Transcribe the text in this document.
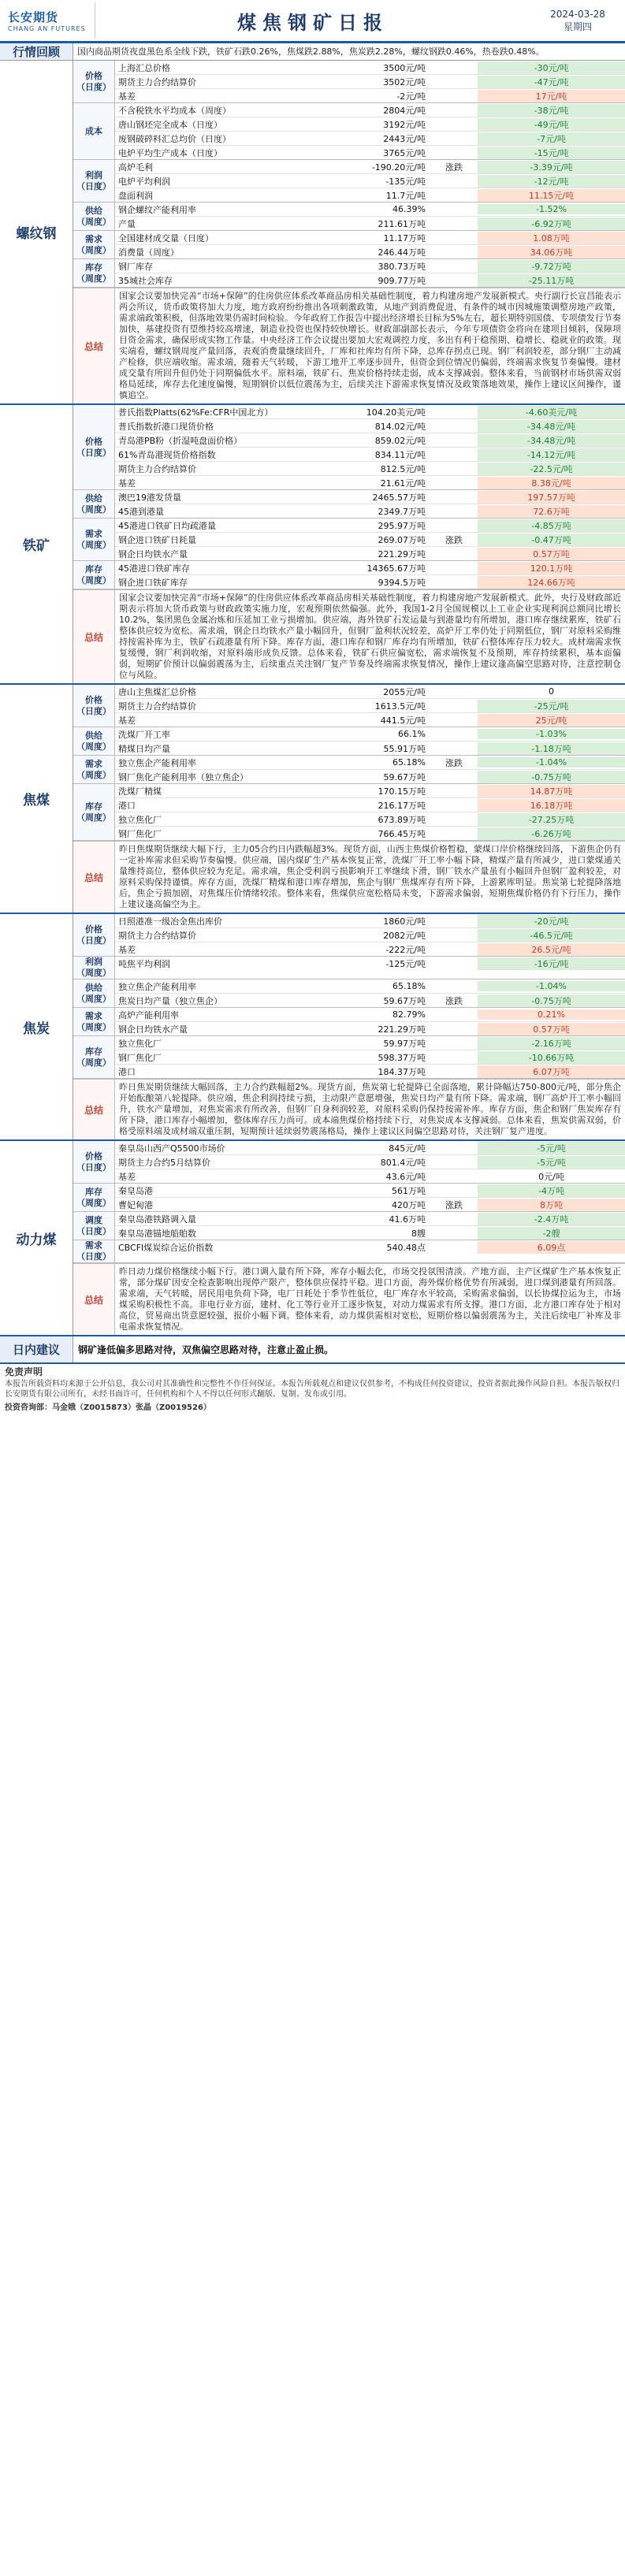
长安期货
CHANG AN FUTURES	煤焦钢矿日报	2024-03-28
星期四
行情回顾	国内商品期货夜盘黑色系全线下跌，铁矿石跌0.26%，焦煤跌2.88%，焦炭跌2.28%，螺纹钢跌0.46%，热卷跌0.48%。
螺纹钢
价格
（日度）
上海汇总价格	3500元/吨	-30元/吨
期货主力合约结算价	3502元/吨	-47元/吨
基差	-2元/吨	17元/吨
成本

不含税铁水平均成本（周度）	2804元/吨	-38元/吨
唐山钢坯完全成本（日度）	3192元/吨	-49元/吨
废钢破碎料汇总均价（日度）	2443元/吨	-7元/吨
电炉平均生产成本（日度）	3765元/吨	-15元/吨
利润
（日度）
高炉毛利	-190.20元/吨	涨跌	-3.39元/吨
电炉平均利润	-135元/吨	-12元/吨
盘面利润	11.7元/吨	11.15元/吨
供给
（周度）
钢企螺纹产能利用率	46.39%	-1.52%
产量	211.61万吨	-6.92万吨
需求
（周度）
全国建材成交量（日度）	11.17万吨	1.08万吨
消费量（周度）	246.44万吨	34.06万吨
库存
（周度）
钢厂库存	380.73万吨	-9.72万吨
35城社会库存	909.77万吨	-25.11万吨
总结
国家会议要加快完善“市场+保障”的住房供应体系改革商品房相关基础性制度，着力构建房地产发展新模式。央行副行长宣昌能表示两会所议，货币政策将加大力度，地方政府纷纷推出各项刺激政策，从地产到消费促进，有条件的城市因城施策调整房地产政策，需求端政策积极，但落地效果仍需时间检验。今年政府工作报告中提出经济增长目标为5%左右，超长期特别国债、专项债发行节奏加快，基建投资有望维持较高增速，制造业投资也保持较快增长。财政部副部长表示，今年专项债资金将向在建项目倾斜，保障项目资金需求，确保形成实物工作量。中央经济工作会议提出要加大宏观调控力度，多出有利于稳预期、稳增长、稳就业的政策。现实端看，螺纹钢周度产量回落，表观消费量继续回升，厂库和社库均有所下降，总库存拐点已现。钢厂利润较差，部分钢厂主动减产检修，供应端收缩。需求端，随着天气转暖，下游工地开工率逐步回升，但资金到位情况仍偏弱，终端需求恢复节奏偏慢。建材成交量有所回升但仍处于同期偏低水平。原料端，铁矿石、焦炭价格持续走弱，成本支撑减弱。整体来看，当前钢材市场供需双弱格局延续，库存去化速度偏慢，短期钢价以低位震荡为主，后续关注下游需求恢复情况及政策落地效果，操作上建议区间操作，谨慎追空。
铁矿
价格
（日度）
普氏指数Platts(62%Fe:CFR中国北方）	104.20美元/吨	-4.60美元/吨
普氏指数折港口现货价格	814.02元/吨	-34.48元/吨
青岛港PB粉（折湿吨盘面价格）	859.02元/吨	-34.48元/吨
61%青岛港现货价格指数	834.11元/吨	-14.12元/吨
期货主力合约结算价	812.5元/吨	-22.5元/吨
基差	21.61元/吨	8.38元/吨
供给
（周度）
澳巴19港发货量	2465.57万吨	197.57万吨
45港到港量	2349.7万吨	72.6万吨
需求
（周度）
45港进口铁矿日均疏港量	295.97万吨	-4.85万吨
钢企进口铁矿日耗量	269.07万吨	涨跌	-0.47万吨
钢企日均铁水产量	221.29万吨	0.57万吨
库存
（周度）
45港进口铁矿库存	14365.67万吨	120.1万吨
钢企进口铁矿库存	9394.5万吨	124.66万吨
总结
国家会议要加快完善“市场+保障”的住房供应体系改革商品房相关基础性制度，着力构建房地产发展新模式。此外，央行及财政部近期表示将加大货币政策与财政政策实施力度，宏观预期依然偏强。此外，我国1-2月全国规模以上工业企业实现利润总额同比增长10.2%，集团黑色金属冶炼和压延加工业亏损增加。供应端，海外铁矿石发运量与到港量均有所增加，港口库存继续累库，铁矿石整体供应较为宽松。需求端，钢企日均铁水产量小幅回升，但钢厂盈利状况较差，高炉开工率仍处于同期低位，钢厂对原料采购维持按需补库为主，铁矿石疏港量有所下降。库存方面，港口库存和钢厂库存均有所增加，铁矿石整体库存压力较大。成材端需求恢复缓慢，钢厂利润收缩，对原料端形成负反馈。总体来看，铁矿石供应偏宽松，需求端恢复不及预期，库存持续累积，基本面偏弱，短期矿价预计以偏弱震荡为主，后续重点关注钢厂复产节奏及终端需求恢复情况，操作上建议逢高偏空思路对待，注意控制仓位与风险。
焦煤
价格
（日度）
唐山主焦煤汇总价格	2055元/吨	0
期货主力合约结算价	1613.5元/吨	-25元/吨
基差	441.5元/吨	25元/吨
供给
（周度）
洗煤厂开工率	66.1%	-1.03%
精煤日均产量	55.91万吨	-1.18万吨
需求
（周度）
独立焦企产能利用率	65.18%	涨跌	-1.04%
钢厂焦化产能利用率（独立焦企）	59.67万吨	-0.75万吨
库存
（周度）
洗煤厂精煤	170.15万吨	14.87万吨
港口	216.17万吨	16.18万吨
独立焦化厂	673.89万吨	-27.25万吨
钢厂焦化厂	766.45万吨	-6.26万吨
总结
昨日焦煤期货继续大幅下行，主力05合约日内跌幅超3%。现货方面，山西主焦煤价格暂稳，蒙煤口岸价格继续回落，下游焦企仍有一定补库需求但采购节奏偏慢。供应端，国内煤矿生产基本恢复正常，洗煤厂开工率小幅下降，精煤产量有所减少，进口蒙煤通关量维持高位，整体供应较为充足。需求端，焦企受利润亏损影响开工率继续下滑，钢厂铁水产量虽有小幅回升但钢厂盈利较差，对原料采购保持谨慎。库存方面，洗煤厂精煤和港口库存增加，焦企与钢厂焦煤库存有所下降，上游累库明显。焦炭第七轮提降落地后，焦企亏损加剧，对焦煤压价情绪较浓。整体来看，焦煤供应宽松格局未变，下游需求偏弱，短期焦煤价格仍有下行压力，操作上建议逢高偏空为主。
焦炭
价格
（日度）
日照港准一级冶金焦出库价	1860元/吨	-20元/吨
期货主力合约结算价	2082元/吨	-46.5元/吨
基差	-222元/吨	26.5元/吨
利润
（周度）
吨焦平均利润	-125元/吨	-16元/吨
供给
（周度）
独立焦企产能利用率	65.18%	-1.04%
焦炭日均产量（独立焦企）	59.67万吨	涨跌	-0.75万吨
需求
（周度）
高炉产能利用率	82.79%	0.21%
钢企日均铁水产量	221.29万吨	0.57万吨
库存
（周度）
独立焦化厂	59.97万吨	-2.16万吨
钢厂焦化厂	598.37万吨	-10.66万吨
港口	184.37万吨	6.07万吨
总结
昨日焦炭期货继续大幅回落，主力合约跌幅超2%。现货方面，焦炭第七轮提降已全面落地，累计降幅达750-800元/吨，部分焦企开始酝酿第八轮提降。供应端，焦企利润持续亏损，主动限产意愿增强，焦炭日均产量有所下降。需求端，钢厂高炉开工率小幅回升，铁水产量增加，对焦炭需求有所改善，但钢厂自身利润较差，对原料采购仍保持按需补库。库存方面，焦企和钢厂焦炭库存有所下降，港口库存小幅增加，整体库存压力尚可。成本端焦煤价格持续下行，对焦炭成本支撑减弱。总体来看，焦炭供需双弱，价格受原料端及成材端双重压制，短期预计延续弱势震荡格局，操作上建议区间偏空思路对待，关注钢厂复产进度。
动力煤
价格
（日度）
秦皇岛山西产Q5500市场价	845元/吨	-5元/吨
期货主力合约5月结算价	801.4元/吨	-5元/吨
基差	43.6元/吨	0元/吨
库存
（周度）
秦皇岛港	561万吨	-4万吨
曹妃甸港	420万吨	涨跌	8万吨
调度
（日度）
秦皇岛港铁路调入量	41.6万吨	-2.4万吨
秦皇岛港锚地船舶数	8艘	-2艘
需求
（日度）
CBCFI煤炭综合运价指数	540.48点	6.09点
总结
昨日动力煤价格继续小幅下行。港口调入量有所下降，库存小幅去化，市场交投氛围清淡。产地方面，主产区煤矿生产基本恢复正常，部分煤矿因安全检查影响出现停产限产，整体供应保持平稳。进口方面，海外煤价格优势有所减弱，进口煤到港量有所回落。需求端，天气转暖，居民用电负荷下降，电厂日耗处于季节性低位，电厂库存水平较高，采购需求偏弱，以长协煤拉运为主，市场煤采购积极性不高。非电行业方面，建材、化工等行业开工逐步恢复，对动力煤需求有所支撑。港口方面，北方港口库存处于相对高位，贸易商出货意愿较强，报价小幅下调。整体来看，动力煤供需相对宽松，短期价格以偏弱震荡为主，关注后续电厂补库及非电需求恢复情况。
日内建议	钢矿逢低偏多思路对待，双焦偏空思路对待，注意止盈止损。
免责声明
本报告所载资料均来源于公开信息，我公司对其准确性和完整性不作任何保证。本报告所载观点和建议仅供参考，不构成任何投资建议，投资者据此操作风险自担。本报告版权归长安期货有限公司所有，未经书面许可，任何机构和个人不得以任何形式翻版、复制、发布或引用。
投资咨询部：马金娥（Z0015873）张晶（Z0019526）
